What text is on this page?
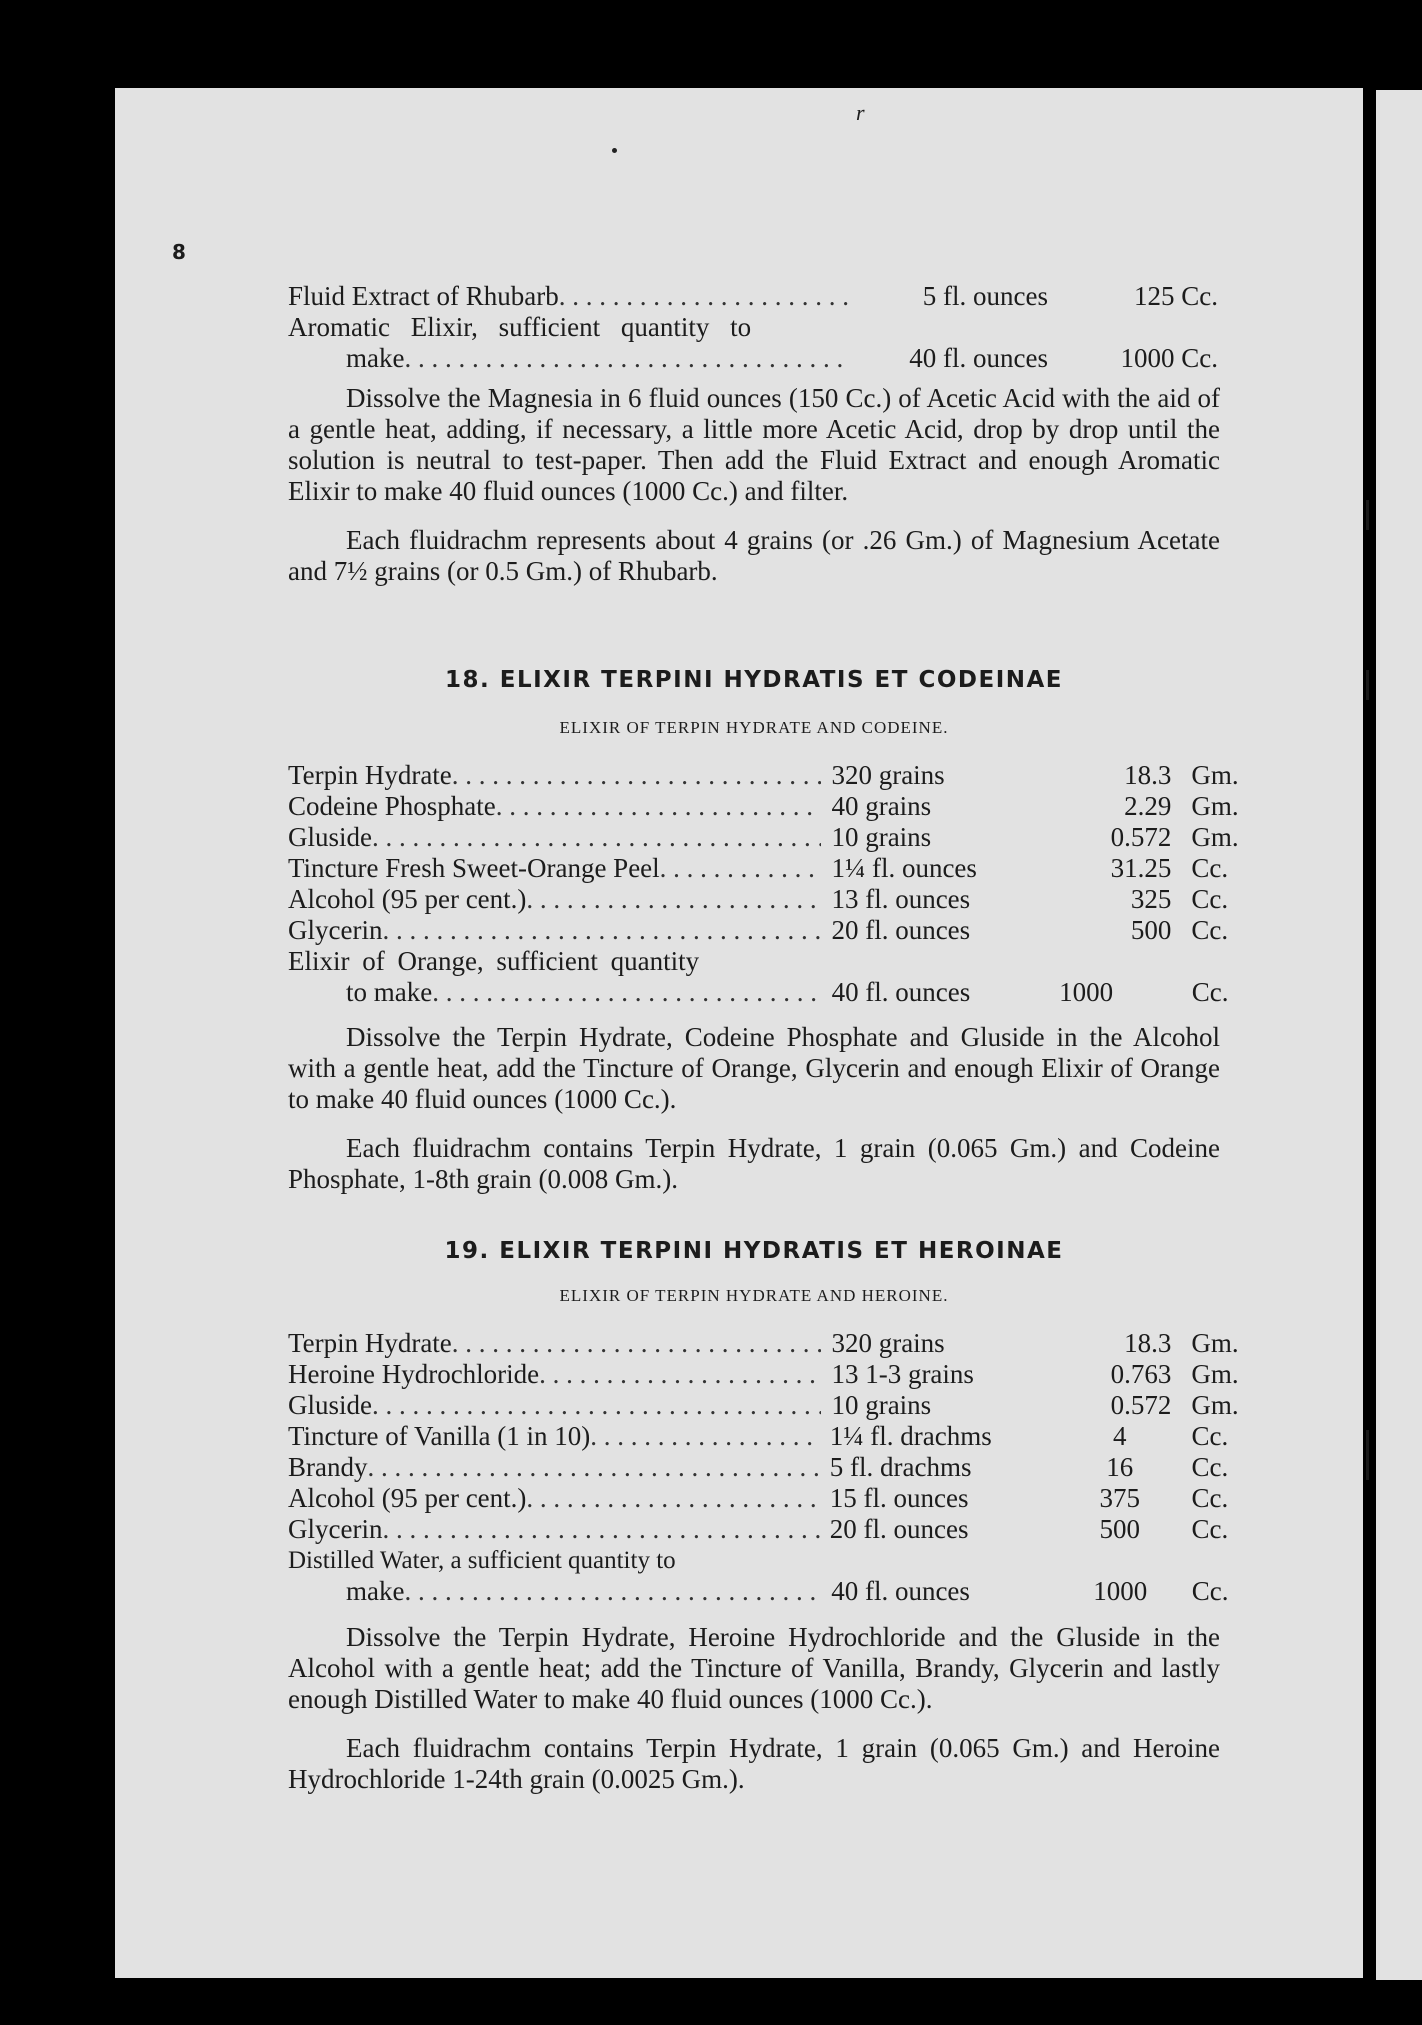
r
8
Fluid Extract of Rhubarb . . .	5 fl. ounces	125 Cc.
Aromatic Elixir, sufficient quantity to
make . . .	40 fl. ounces	1000 Cc.

Dissolve the Magnesia in 6 fluid ounces (150 Cc.) of Acetic Acid with the aid of a gentle heat, adding, if necessary, a little more Acetic Acid, drop by drop until the solution is neutral to test-paper. Then add the Fluid Extract and enough Aromatic Elixir to make 40 fluid ounces (1000 Cc.) and filter.

Each fluidrachm represents about 4 grains (or .26 Gm.) of Magnesium Acetate and 7½ grains (or 0.5 Gm.) of Rhubarb.

18. ELIXIR TERPINI HYDRATIS ET CODEINAE
ELIXIR OF TERPIN HYDRATE AND CODEINE.
Terpin Hydrate . . .	320 grains	18.3 Gm.
Codeine Phosphate . . .	40 grains	2.29 Gm.
Gluside . . .	10 grains	0.572 Gm.
Tincture Fresh Sweet-Orange Peel . . .	1¼ fl. ounces	31.25 Cc.
Alcohol (95 per cent.) . . .	13 fl. ounces	325 Cc.
Glycerin . . .	20 fl. ounces	500 Cc.
Elixir of Orange, sufficient quantity
to make . . .	40 fl. ounces	1000	Cc.

Dissolve the Terpin Hydrate, Codeine Phosphate and Gluside in the Alcohol with a gentle heat, add the Tincture of Orange, Glycerin and enough Elixir of Orange to make 40 fluid ounces (1000 Cc.).

Each fluidrachm contains Terpin Hydrate, 1 grain (0.065 Gm.) and Codeine Phosphate, 1-8th grain (0.008 Gm.).

19. ELIXIR TERPINI HYDRATIS ET HEROINAE
ELIXIR OF TERPIN HYDRATE AND HEROINE.
Terpin Hydrate . . .	320 grains	18.3 Gm.
Heroine Hydrochloride . . .	13 1-3 grains	0.763 Gm.
Gluside . . .	10 grains	0.572 Gm.
Tincture of Vanilla (1 in 10) . . .	1¼ fl. drachms	4	Cc.
Brandy . . .	5 fl. drachms	16	Cc.
Alcohol (95 per cent.) . . .	15 fl. ounces	375	Cc.
Glycerin . . .	20 fl. ounces	500	Cc.
Distilled Water, a sufficient quantity to
make . . .	40 fl. ounces	1000	Cc.

Dissolve the Terpin Hydrate, Heroine Hydrochloride and the Gluside in the Alcohol with a gentle heat; add the Tincture of Vanilla, Brandy, Glycerin and lastly enough Distilled Water to make 40 fluid ounces (1000 Cc.).

Each fluidrachm contains Terpin Hydrate, 1 grain (0.065 Gm.) and Heroine Hydrochloride 1-24th grain (0.0025 Gm.).
